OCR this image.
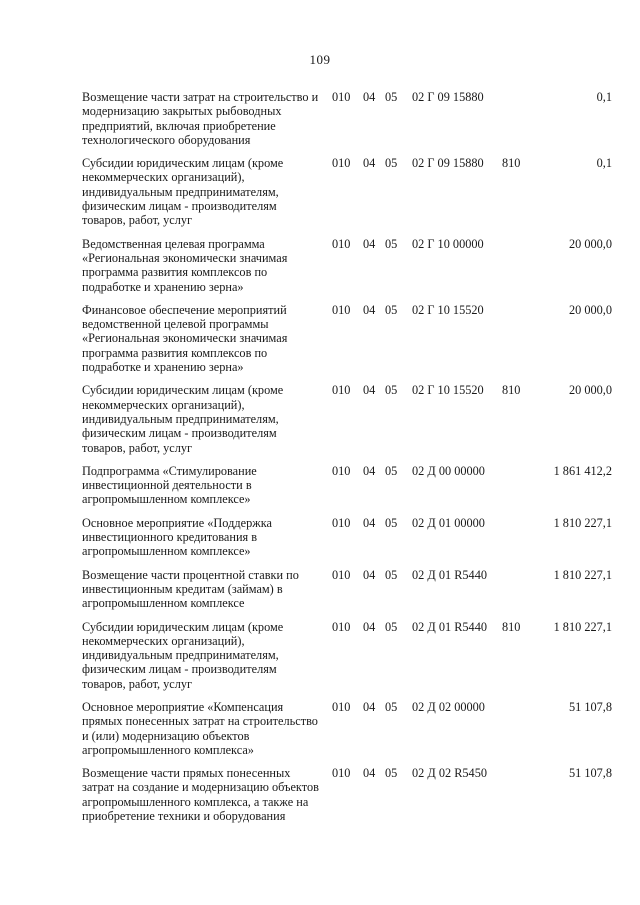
109
Возмещение части затрат на строительство и модернизацию закрытых рыбоводных предприятий, включая приобретение технологического оборудования
010 04 05 02 Г 09 15880	0,1
Субсидии юридическим лицам (кроме некоммерческих организаций), индивидуальным предпринимателям, физическим лицам - производителям товаров, работ, услуг
010 04 05 02 Г 09 15880 810	0,1
Ведомственная целевая программа «Региональная экономически значимая программа развития комплексов по подработке и хранению зерна»
010 04 05 02 Г 10 00000	20 000,0
Финансовое обеспечение мероприятий ведомственной целевой программы «Региональная экономически значимая программа развития комплексов по подработке и хранению зерна»
010 04 05 02 Г 10 15520	20 000,0
Субсидии юридическим лицам (кроме некоммерческих организаций), индивидуальным предпринимателям, физическим лицам - производителям товаров, работ, услуг
010 04 05 02 Г 10 15520 810	20 000,0
Подпрограмма «Стимулирование инвестиционной деятельности в агропромышленном комплексе»
010 04 05 02 Д 00 00000	1 861 412,2
Основное мероприятие «Поддержка инвестиционного кредитования в агропромышленном комплексе»
010 04 05 02 Д 01 00000	1 810 227,1
Возмещение части процентной ставки по инвестиционным кредитам (займам) в агропромышленном комплексе
010 04 05 02 Д 01 R5440	1 810 227,1
Субсидии юридическим лицам (кроме некоммерческих организаций), индивидуальным предпринимателям, физическим лицам - производителям товаров, работ, услуг
010 04 05 02 Д 01 R5440 810	1 810 227,1
Основное мероприятие «Компенсация прямых понесенных затрат на строительство и (или) модернизацию объектов агропромышленного комплекса»
010 04 05 02 Д 02 00000	51 107,8
Возмещение части прямых понесенных затрат на создание и модернизацию объектов агропромышленного комплекса, а также на приобретение техники и оборудования
010 04 05 02 Д 02 R5450	51 107,8
